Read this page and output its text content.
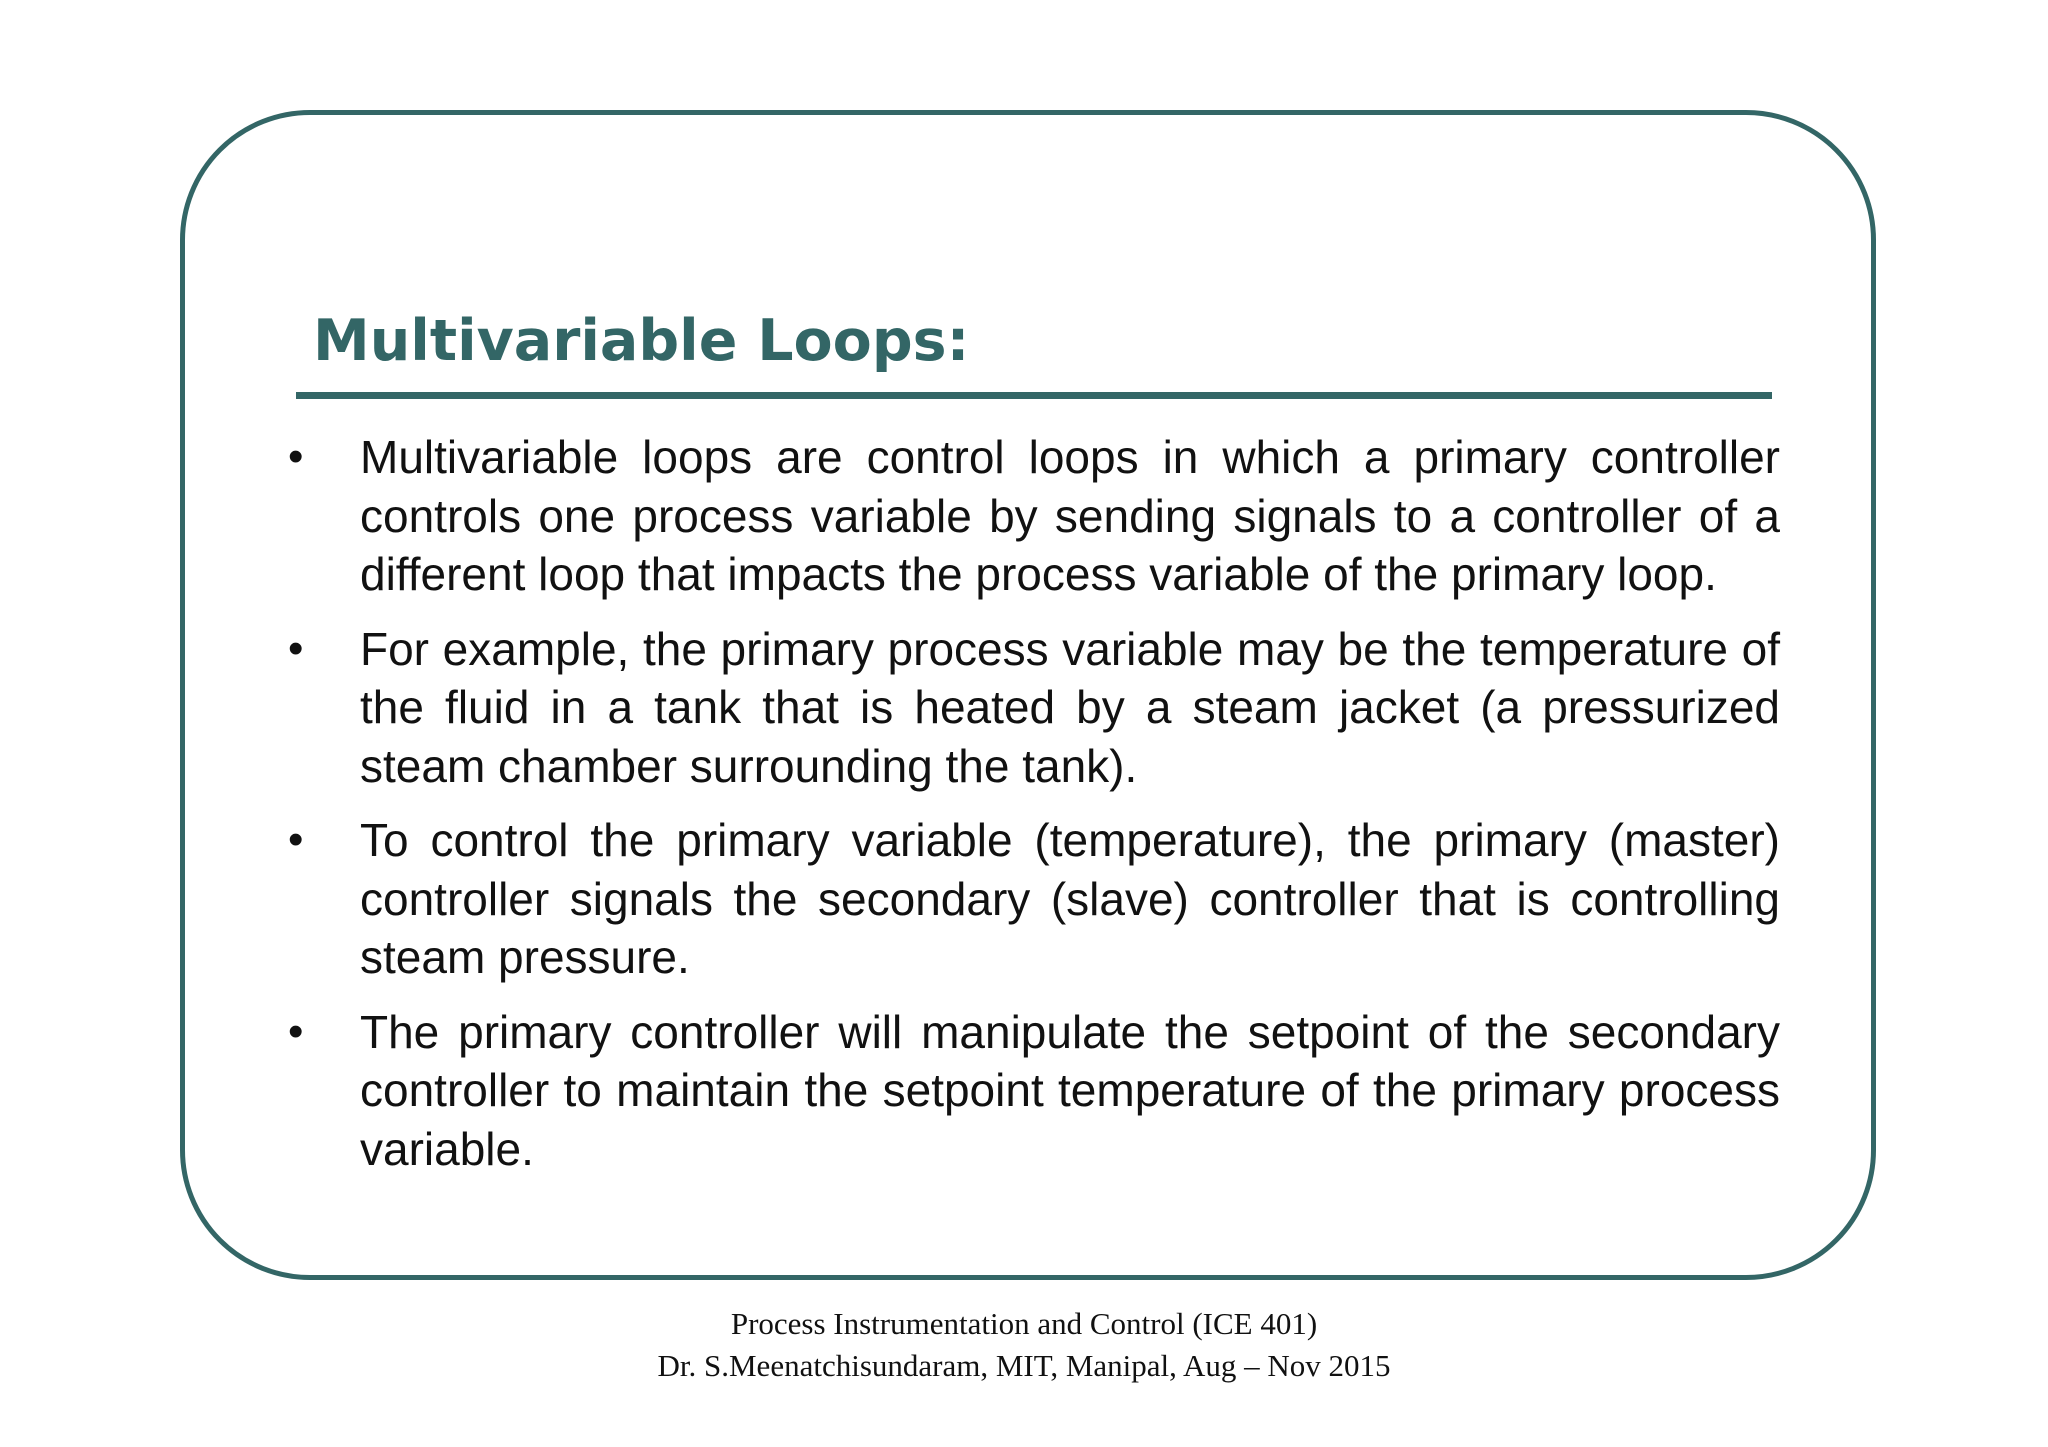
Multivariable Loops:
• Multivariable loops are control loops in which a primary controller controls one process variable by sending signals to a controller of a different loop that impacts the process variable of the primary loop.
• For example, the primary process variable may be the temperature of the fluid in a tank that is heated by a steam jacket (a pressurized steam chamber surrounding the tank).
• To control the primary variable (temperature), the primary (master) controller signals the secondary (slave) controller that is controlling steam pressure.
• The primary controller will manipulate the setpoint of the secondary controller to maintain the setpoint temperature of the primary process variable.
Process Instrumentation and Control (ICE 401)
Dr. S.Meenatchisundaram, MIT, Manipal, Aug – Nov 2015
